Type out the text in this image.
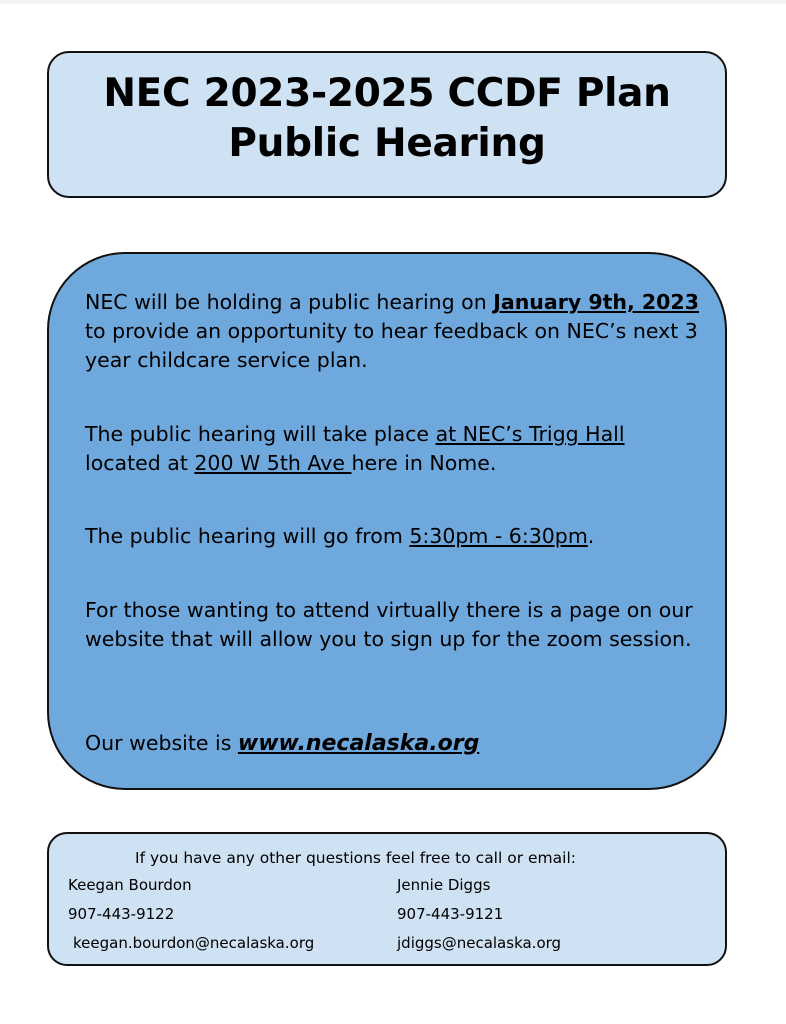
NEC 2023-2025 CCDF Plan
Public Hearing
NEC will be holding a public hearing on January 9th, 2023 to provide an opportunity to hear feedback on NEC’s next 3 year childcare service plan.
The public hearing will take place at NEC’s Trigg Hall located at 200 W 5th Ave here in Nome.
The public hearing will go from 5:30pm - 6:30pm.
For those wanting to attend virtually there is a page on our website that will allow you to sign up for the zoom session.
Our website is www.necalaska.org
If you have any other questions feel free to call or email:
Keegan Bourdon
907-443-9122
keegan.bourdon@necalaska.org
Jennie Diggs
907-443-9121
jdiggs@necalaska.org
